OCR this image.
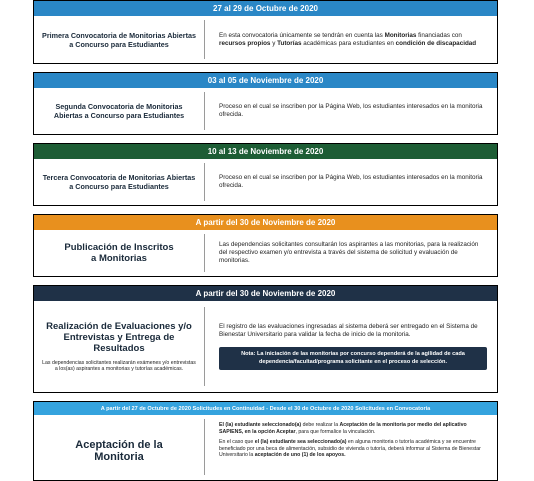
27 al 29 de Octubre de 2020
Primera Convocatoria de Monitorias Abiertas a Concurso para Estudiantes
En esta convocatoria únicamente se tendrán en cuenta las Monitorias financiadas con recursos propios y Tutorías académicas para estudiantes en condición de discapacidad
03 al 05 de Noviembre de 2020
Segunda Convocatoria de Monitorias Abiertas a Concurso para Estudiantes
Proceso en el cual se inscriben por la Página Web, los estudiantes interesados en la monitoria ofrecida.
10 al 13 de Noviembre de 2020
Tercera Convocatoria de Monitorias Abiertas a Concurso para Estudiantes
Proceso en el cual se inscriben por la Página Web, los estudiantes interesados en la monitoria ofrecida.
A partir del 30 de Noviembre de 2020
Publicación de Inscritos a Monitorias
Las dependencias solicitantes consultarán los aspirantes a las monitorias, para la realización del respectivo examen y/o entrevista a través del sistema de solicitud y evaluación de monitorias.
A partir del 30 de Noviembre de 2020
Realización de Evaluaciones y/o Entrevistas y Entrega de Resultados
Las dependencias solicitantes realizarán exámenes y/o entrevistas a los(as) aspirantes a monitorias y tutorías académicas.
El registro de las evaluaciones ingresadas al sistema deberá ser entregado en el Sistema de Bienestar Universitario para validar la fecha de inicio de la monitoria.
Nota: La iniciación de las monitorias por concurso dependerá de la agilidad de cada dependencia/facultad/programa solicitante en el proceso de selección.
A partir del 27 de Octubre de 2020 Solicitudes en Continuidad - Desde el 30 de Octubre de 2020 Solicitudes en Convocatoria
Aceptación de la Monitoria
El (la) estudiante seleccionado(a) debe realizar la Aceptación de la monitoria por medio del aplicativo SAPIENS, en la opción Aceptar, para que formalice la vinculación.
En el caso que el (la) estudiante sea seleccionado(a) en alguna monitoria o tutoría académica y se encuentre beneficiado por una beca de alimentación, subsidio de vivienda o tutoría, deberá informar al Sistema de Bienestar Universitario la aceptación de uno (1) de los apoyos.
